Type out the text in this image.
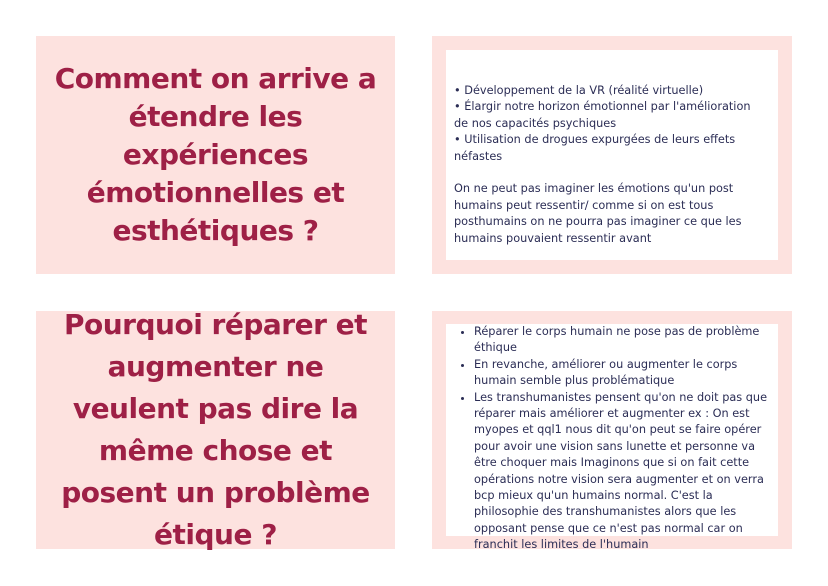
Comment on arrive a étendre les expériences émotionnelles et esthétiques ?

• Développement de la VR (réalité virtuelle)

• Élargir notre horizon émotionnel par l'amélioration de nos capacités psychiques

• Utilisation de drogues expurgées de leurs effets néfastes

On ne peut pas imaginer les émotions qu'un post humains peut ressentir/ comme si on est tous posthumains on ne pourra pas imaginer ce que les humains pouvaient ressentir avant

Pourquoi réparer et augmenter ne veulent pas dire la même chose et posent un problème étique ?

• Réparer le corps humain ne pose pas de problème éthique
• En revanche, améliorer ou augmenter le corps humain semble plus problématique
• Les transhumanistes pensent qu'on ne doit pas que réparer mais améliorer et augmenter ex : On est myopes et qql1 nous dit qu'on peut se faire opérer pour avoir une vision sans lunette et personne va être choquer mais Imaginons que si on fait cette opérations notre vision sera augmenter et on verra bcp mieux qu'un humains normal. C'est la philosophie des transhumanistes alors que les opposant pense que ce n'est pas normal car on franchit les limites de l'humain
